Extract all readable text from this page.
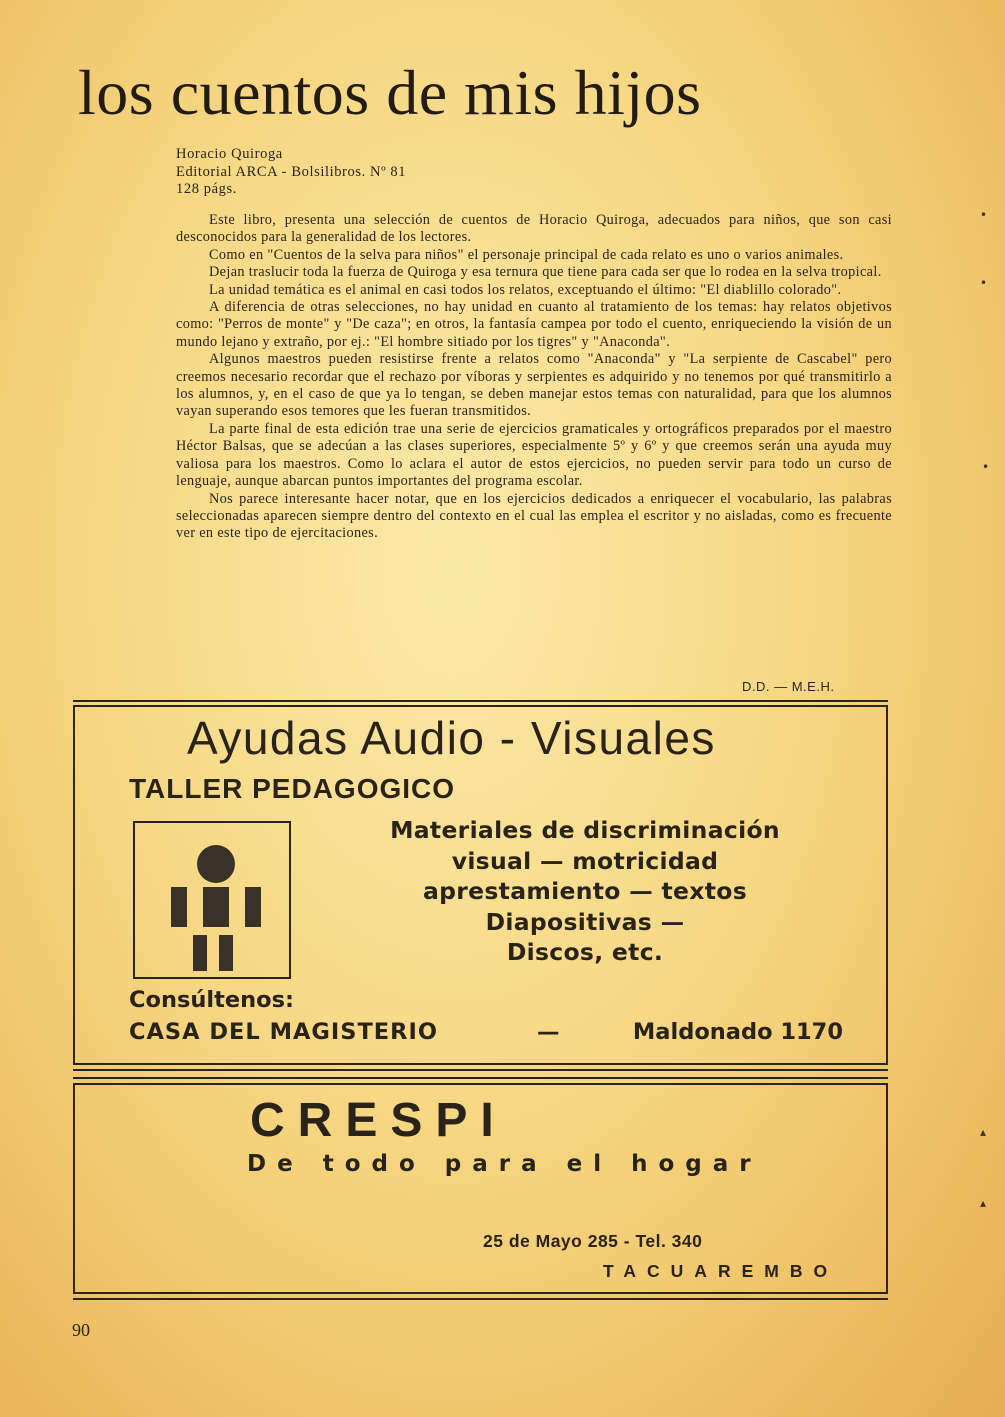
los cuentos de mis hijos
Horacio Quiroga
Editorial ARCA - Bolsilibros. Nº 81
128 págs.

Este libro, presenta una selección de cuentos de Horacio Quiroga, adecuados para niños, que son casi desconocidos para la generalidad de los lectores.

Como en "Cuentos de la selva para niños" el personaje principal de cada relato es uno o varios animales.

Dejan traslucir toda la fuerza de Quiroga y esa ternura que tiene para cada ser que lo rodea en la selva tropical.

La unidad temática es el animal en casi todos los relatos, exceptuando el último: "El diablillo colorado".

A diferencia de otras selecciones, no hay unidad en cuanto al tratamiento de los temas: hay relatos objetivos como: "Perros de monte" y "De caza"; en otros, la fantasía campea por todo el cuento, enriqueciendo la visión de un mundo lejano y extraño, por ej.: "El hombre sitiado por los tigres" y "Anaconda".

Algunos maestros pueden resistirse frente a relatos como "Anaconda" y "La serpiente de Cascabel" pero creemos necesario recordar que el rechazo por víboras y serpientes es adquirido y no tenemos por qué transmitirlo a los alumnos, y, en el caso de que ya lo tengan, se deben manejar estos temas con naturalidad, para que los alumnos vayan superando esos temores que les fueran transmitidos.

La parte final de esta edición trae una serie de ejercicios gramaticales y ortográficos preparados por el maestro Héctor Balsas, que se adecúan a las clases superiores, especialmente 5º y 6º y que creemos serán una ayuda muy valiosa para los maestros. Como lo aclara el autor de estos ejercicios, no pueden servir para todo un curso de lenguaje, aunque abarcan puntos importantes del programa escolar.

Nos parece interesante hacer notar, que en los ejercicios dedicados a enriquecer el vocabulario, las palabras seleccionadas aparecen siempre dentro del contexto en el cual las emplea el escritor y no aisladas, como es frecuente ver en este tipo de ejercitaciones.

D.D. — M.E.H.
Ayudas Audio - Visuales
TALLER PEDAGOGICO
Materiales de discriminación
visual — motricidad
aprestamiento — textos
Diapositivas —
Discos, etc.
Consúltenos:
CASA DEL MAGISTERIO	—	Maldonado 1170
CRESPI
De todo para el hogar
25 de Mayo 285 - Tel. 340
TACUAREMBO
90
•
•
•
▴
▴
